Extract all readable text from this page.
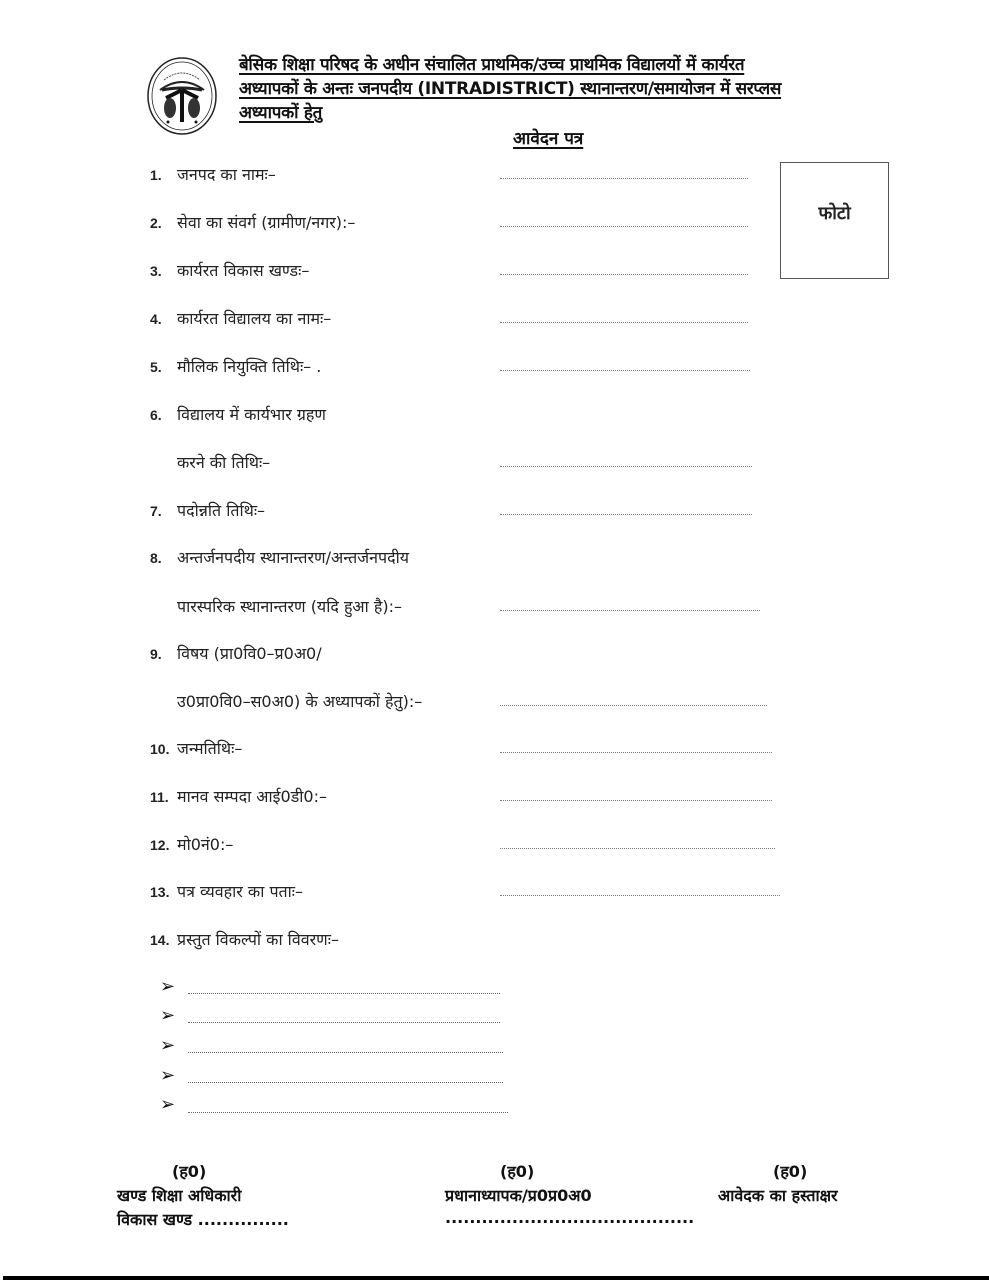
बेसिक शिक्षा परिषद के अधीन संचालित प्राथमिक/उच्च प्राथमिक विद्यालयों में कार्यरत
अध्यापकों के अन्तः जनपदीय (INTRADISTRICT) स्थानान्तरण/समायोजन में सरप्लस
अध्यापकों हेतु
आवेदन पत्र
फोटो
1. जनपद का नामः–
2. सेवा का संवर्ग (ग्रामीण/नगर):–
3. कार्यरत विकास खण्डः–
4. कार्यरत विद्यालय का नामः–
5. मौलिक नियुक्ति तिथिः– .
6. विद्यालय में कार्यभार ग्रहण
करने की तिथिः–
7. पदोन्नति तिथिः–
8. अन्तर्जनपदीय स्थानान्तरण/अन्तर्जनपदीय
पारस्परिक स्थानान्तरण (यदि हुआ है):–
9. विषय (प्रा0वि0–प्र0अ0/
उ0प्रा0वि0–स0अ0) के अध्यापकों हेतु):–
10. जन्मतिथिः–
11. मानव सम्पदा आई0डी0:–
12. मो0नं0:–
13. पत्र व्यवहार का पताः–
14. प्रस्तुत विकल्पों का विवरणः–
➢
➢
➢
➢
➢
(ह0)
खण्ड शिक्षा अधिकारी
विकास खण्ड ...............
(ह0)
प्रधानाध्यापक/प्र0प्र0अ0
.........................................
(ह0)
आवेदक का हस्ताक्षर
